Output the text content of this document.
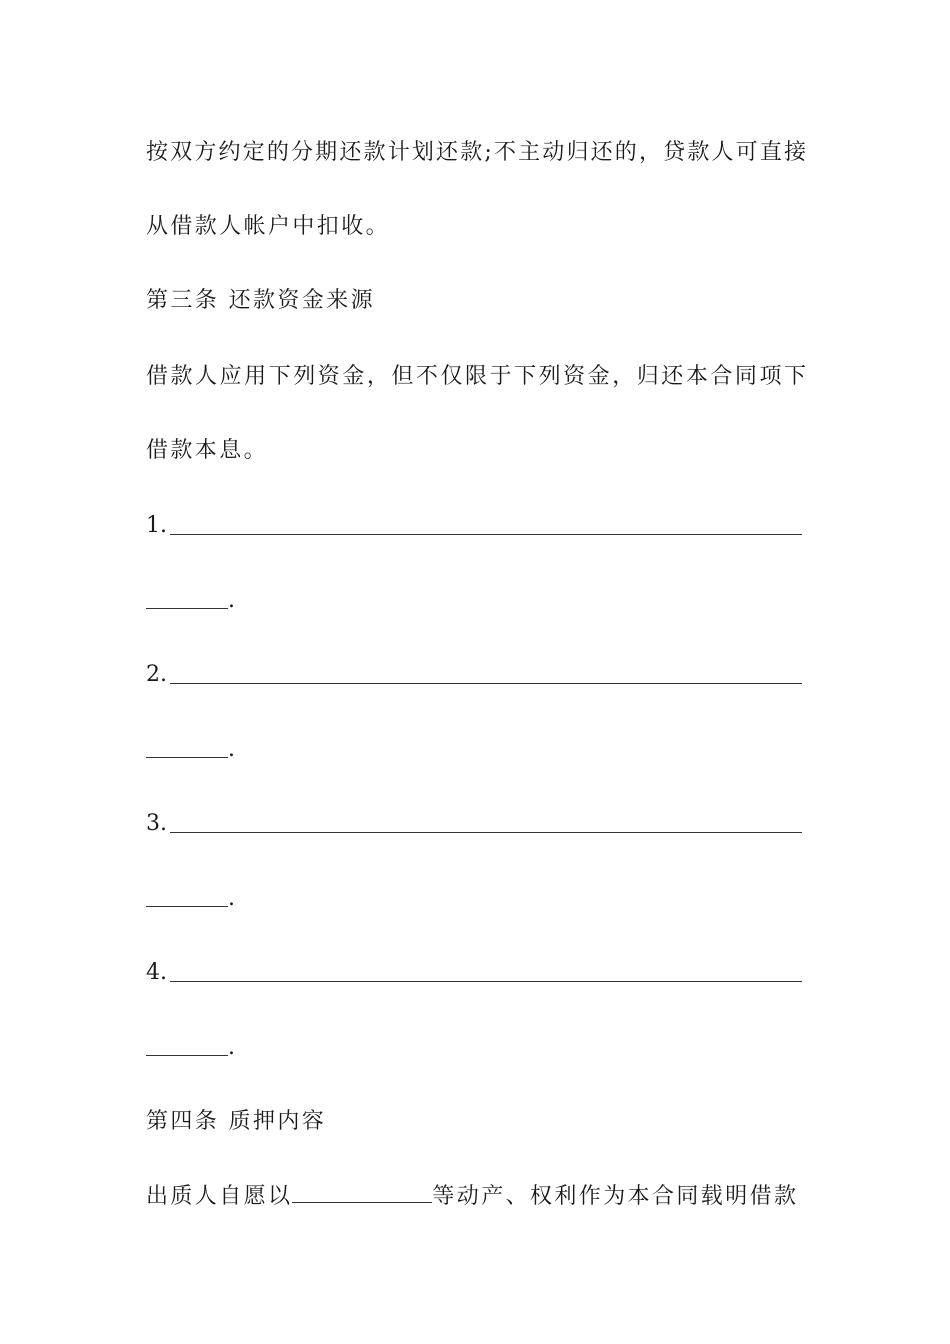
按双方约定的分期还款计划还款;不主动归还的，贷款人可直接
从借款人帐户中扣收。
第三条 还款资金来源
借款人应用下列资金，但不仅限于下列资金，归还本合同项下
借款本息。
1.
.
2.
.
3.
.
4.
.
第四条 质押内容
出质人自愿以	等动产、权利作为本合同载明借款
